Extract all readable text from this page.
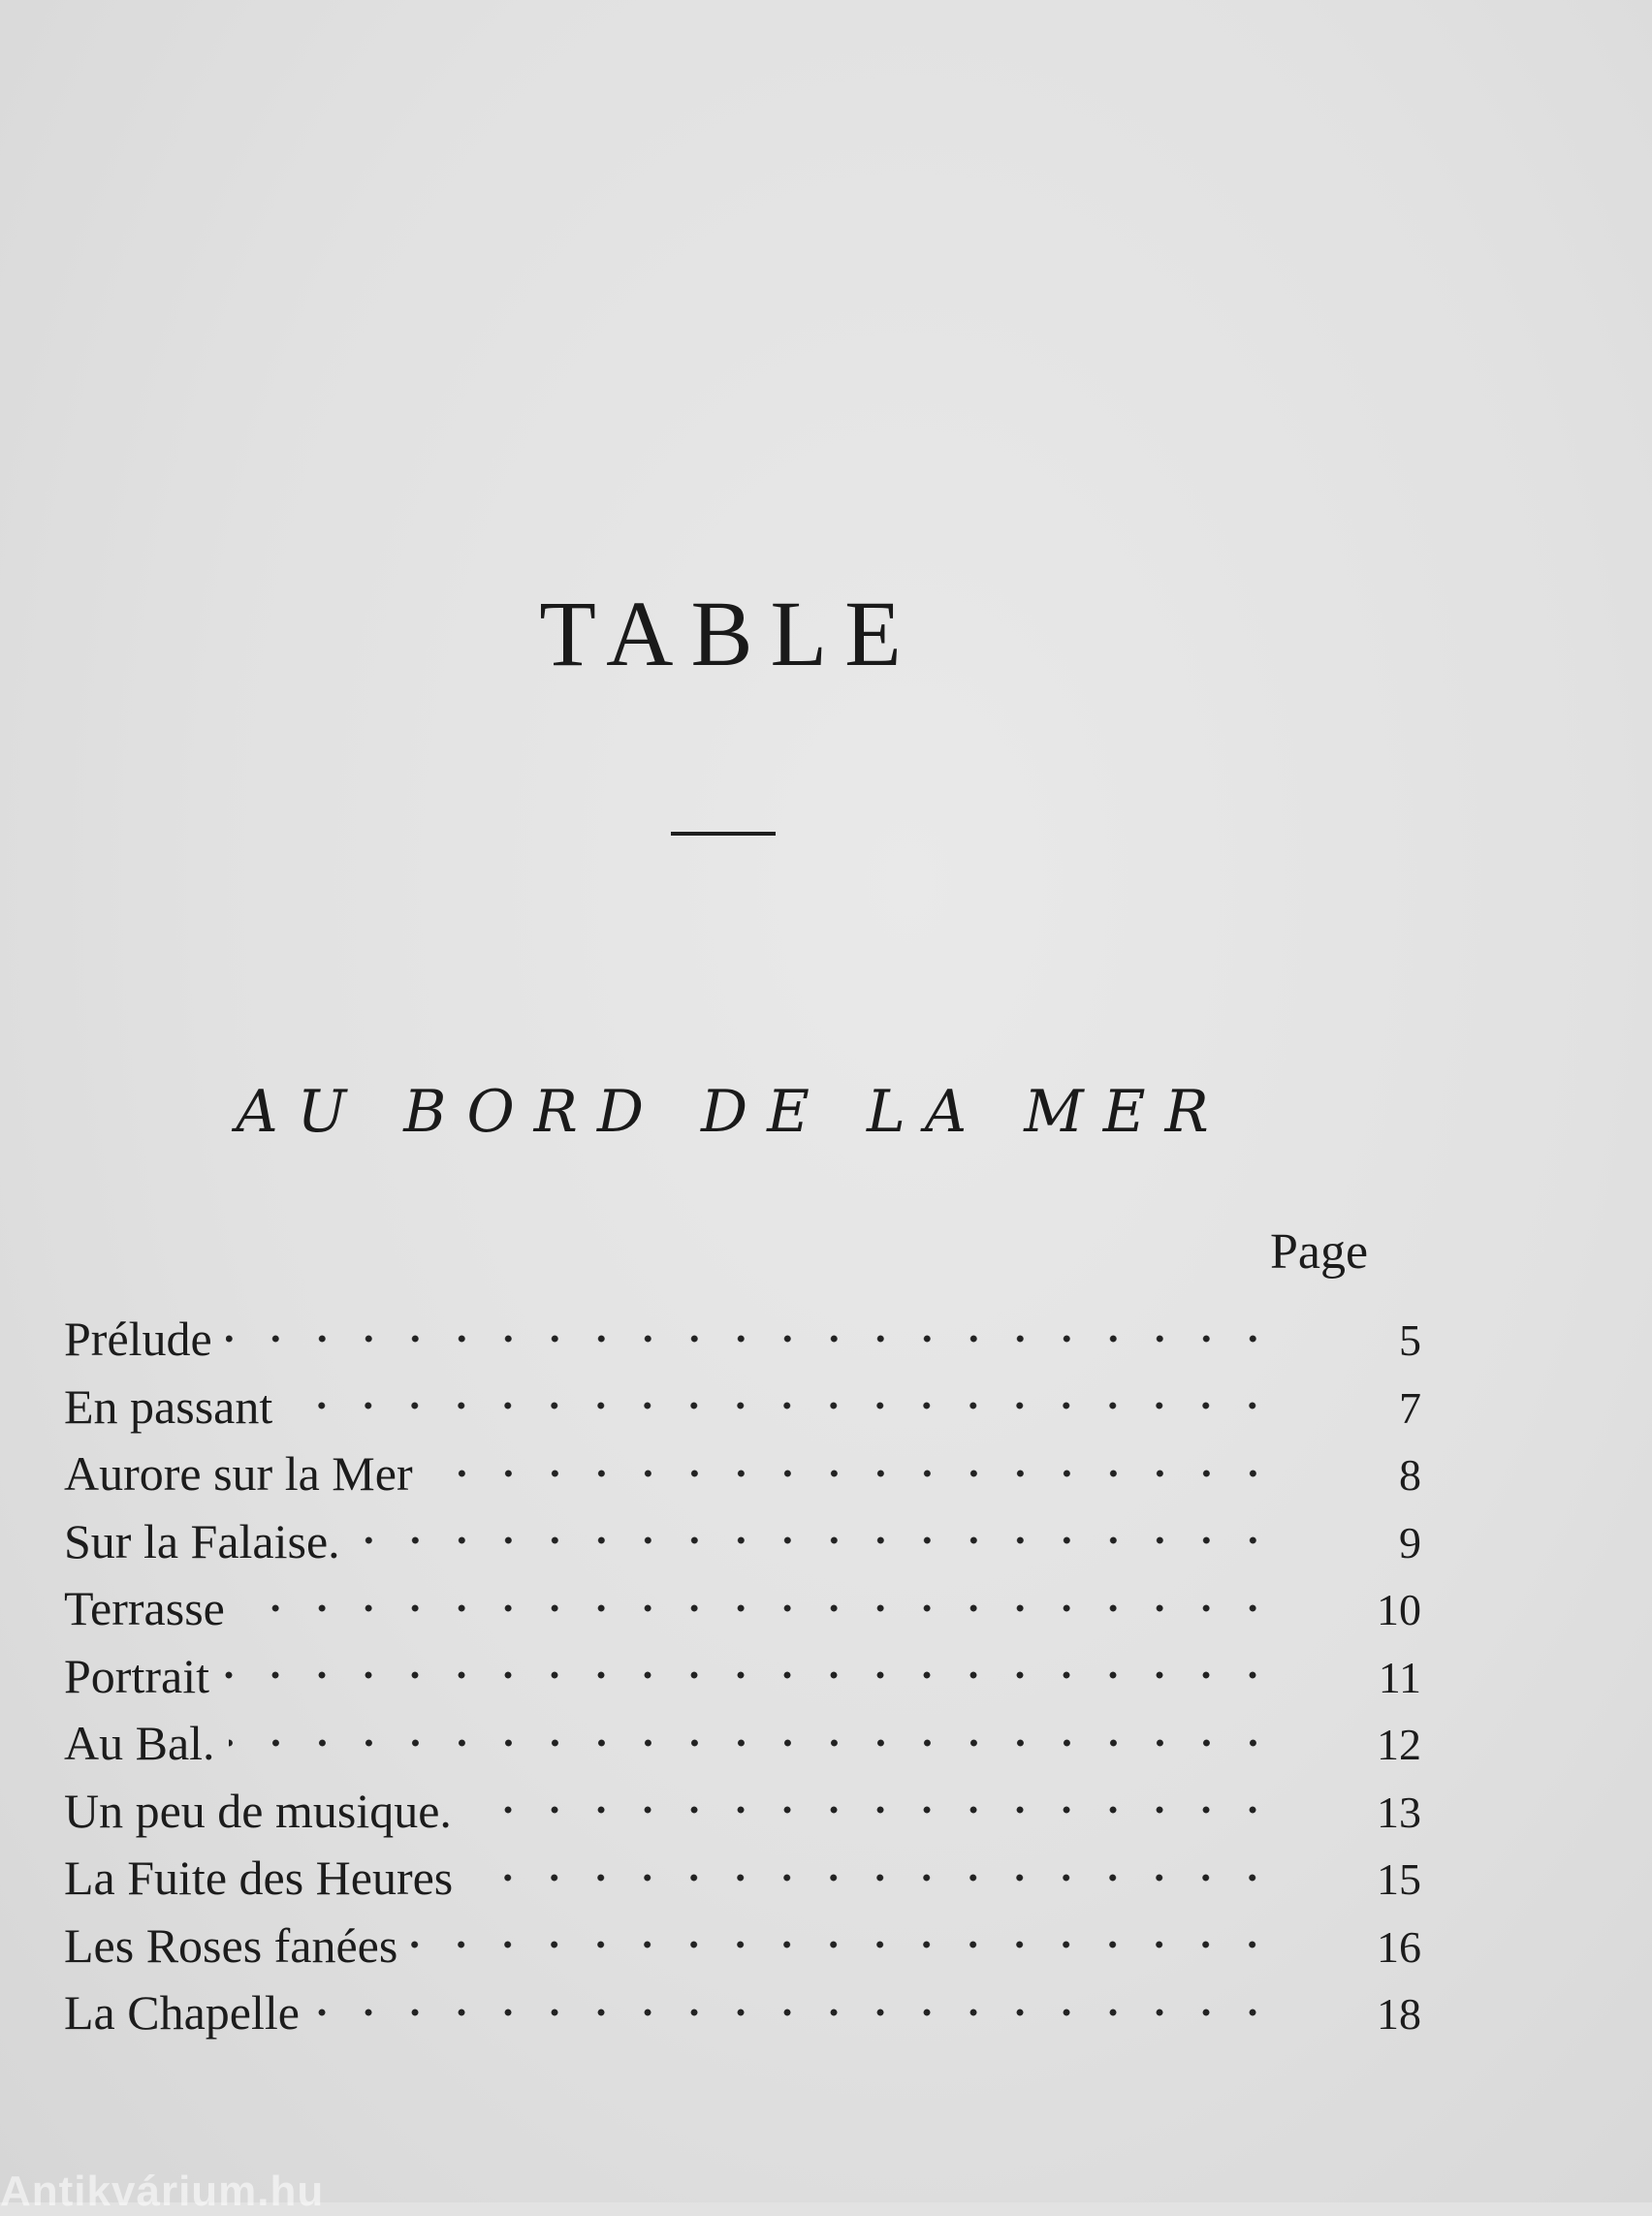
TABLE
AU BORD DE LA MER
Page
Prélude	5
En passant	7
Aurore sur la Mer	8
Sur la Falaise.	9
Terrasse	10
Portrait	11
Au Bal.	12
Un peu de musique.	13
La Fuite des Heures	15
Les Roses fanées	16
La Chapelle	18
Antikvárium.hu
